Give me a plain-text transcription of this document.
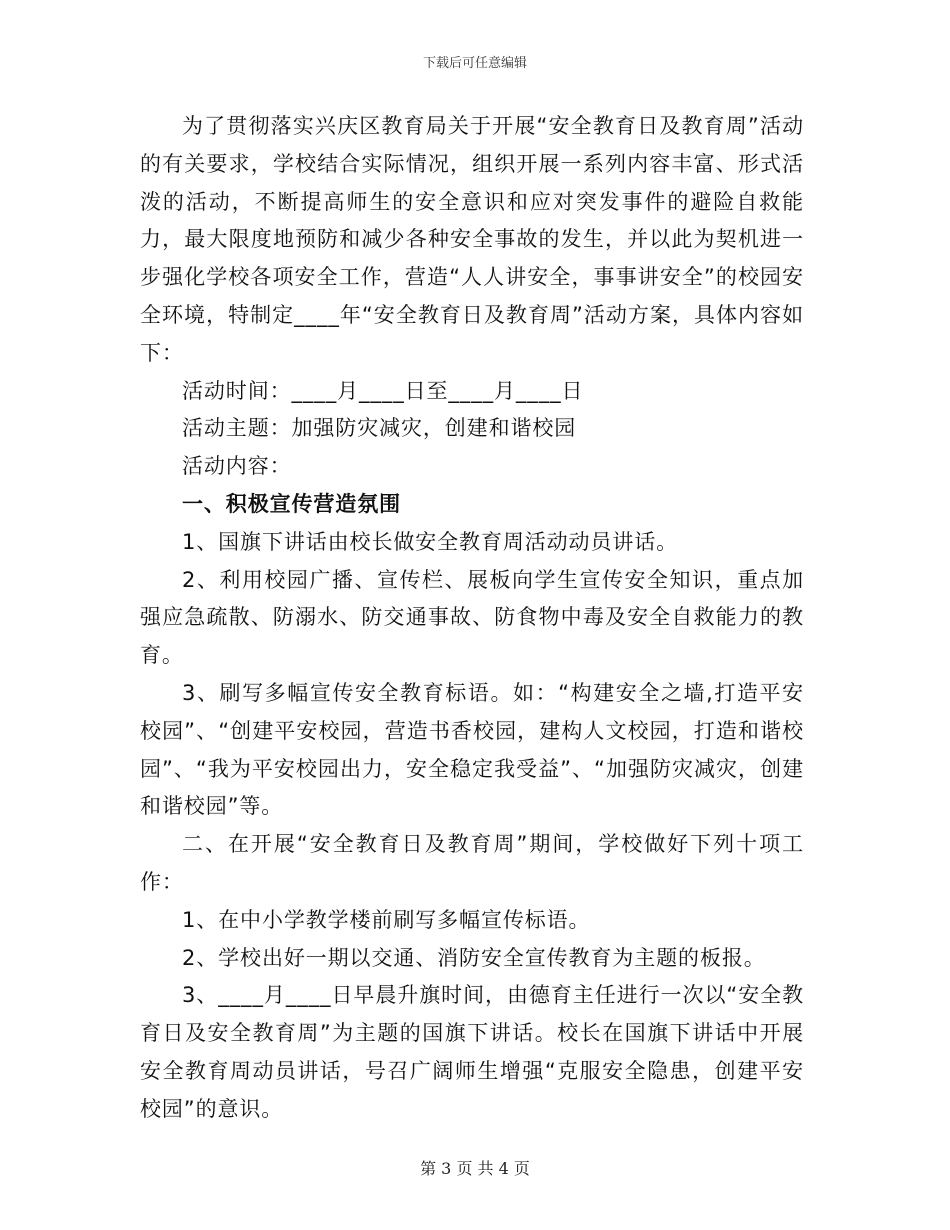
下载后可任意编辑

为了贯彻落实兴庆区教育局关于开展“安全教育日及教育周”活动的有关要求，学校结合实际情况，组织开展一系列内容丰富、形式活泼的活动，不断提高师生的安全意识和应对突发事件的避险自救能力，最大限度地预防和减少各种安全事故的发生，并以此为契机进一步强化学校各项安全工作，营造“人人讲安全，事事讲安全”的校园安全环境，特制定____年“安全教育日及教育周”活动方案，具体内容如下：

活动时间：____月____日至____月____日

活动主题：加强防灾减灾，创建和谐校园

活动内容：

一、积极宣传营造氛围

1、国旗下讲话由校长做安全教育周活动动员讲话。

2、利用校园广播、宣传栏、展板向学生宣传安全知识，重点加强应急疏散、防溺水、防交通事故、防食物中毒及安全自救能力的教育。

3、刷写多幅宣传安全教育标语。如：“构建安全之墙,打造平安校园”、“创建平安校园，营造书香校园，建构人文校园，打造和谐校园”、“我为平安校园出力，安全稳定我受益”、“加强防灾减灾，创建和谐校园”等。

二、在开展“安全教育日及教育周”期间，学校做好下列十项工作：

1、在中小学教学楼前刷写多幅宣传标语。

2、学校出好一期以交通、消防安全宣传教育为主题的板报。

3、____月____日早晨升旗时间，由德育主任进行一次以“安全教育日及安全教育周”为主题的国旗下讲话。校长在国旗下讲话中开展安全教育周动员讲话，号召广阔师生增强“克服安全隐患，创建平安校园”的意识。

第 3 页 共 4 页
